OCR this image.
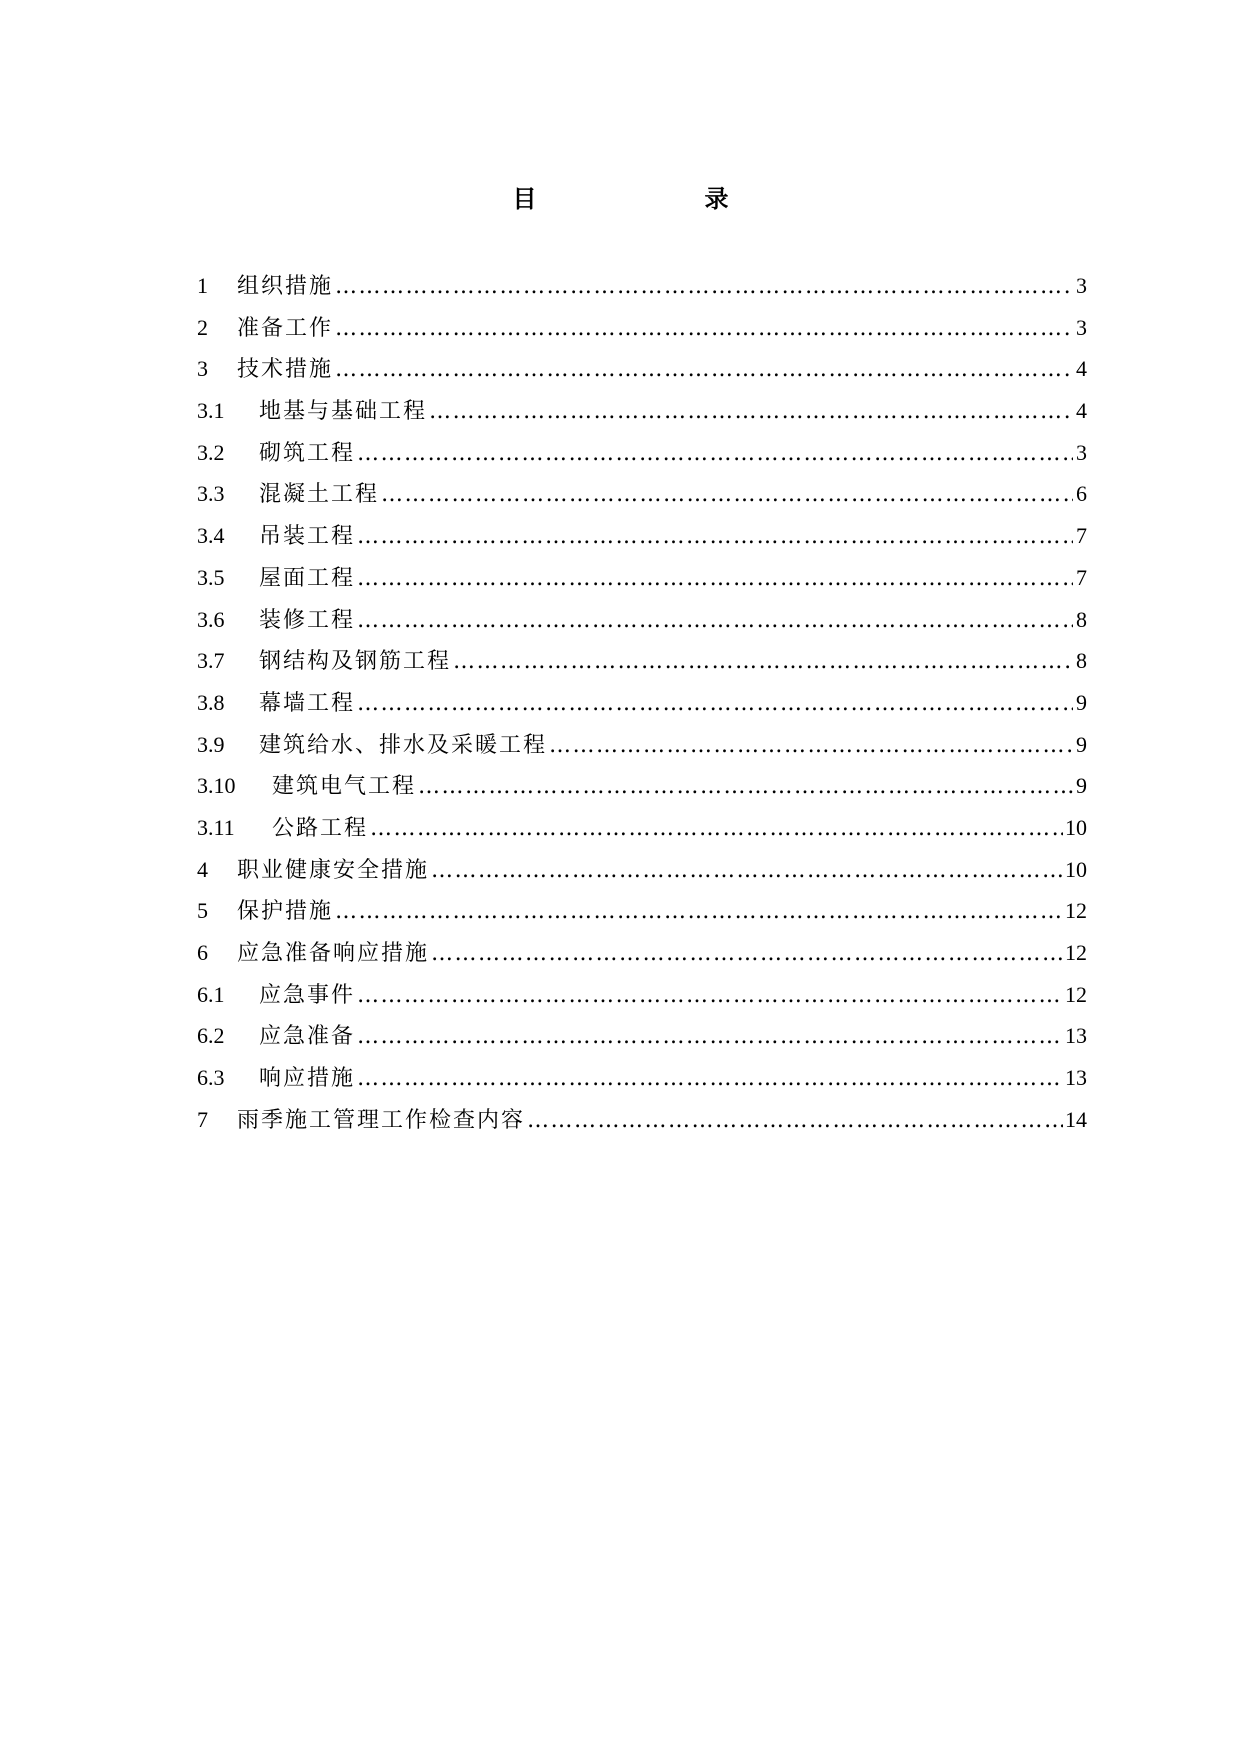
目　　录
1	组织措施 ………………………………………………………………………………………………………………………………………………	3
2	准备工作 ………………………………………………………………………………………………………………………………………………	3
3	技术措施 ………………………………………………………………………………………………………………………………………………	4
3.1	地基与基础工程 ………………………………………………………………………………………………………………………………………………	4
3.2	砌筑工程 ………………………………………………………………………………………………………………………………………………	3
3.3	混凝土工程 ………………………………………………………………………………………………………………………………………………	6
3.4	吊装工程 ………………………………………………………………………………………………………………………………………………	7
3.5	屋面工程 ………………………………………………………………………………………………………………………………………………	7
3.6	装修工程 ………………………………………………………………………………………………………………………………………………	8
3.7	钢结构及钢筋工程 ………………………………………………………………………………………………………………………………………………	8
3.8	幕墙工程 ………………………………………………………………………………………………………………………………………………	9
3.9	建筑给水、排水及采暖工程 ………………………………………………………………………………………………………………………………………………	9
3.10	建筑电气工程 ………………………………………………………………………………………………………………………………………………	9
3.11	公路工程 ………………………………………………………………………………………………………………………………………………	10
4	职业健康安全措施 ………………………………………………………………………………………………………………………………………………	10
5	保护措施 ………………………………………………………………………………………………………………………………………………	12
6	应急准备响应措施 ………………………………………………………………………………………………………………………………………………	12
6.1	应急事件 ………………………………………………………………………………………………………………………………………………	12
6.2	应急准备 ………………………………………………………………………………………………………………………………………………	13
6.3	响应措施 ………………………………………………………………………………………………………………………………………………	13
7	雨季施工管理工作检查内容 ………………………………………………………………………………………………………………………………………………	14
